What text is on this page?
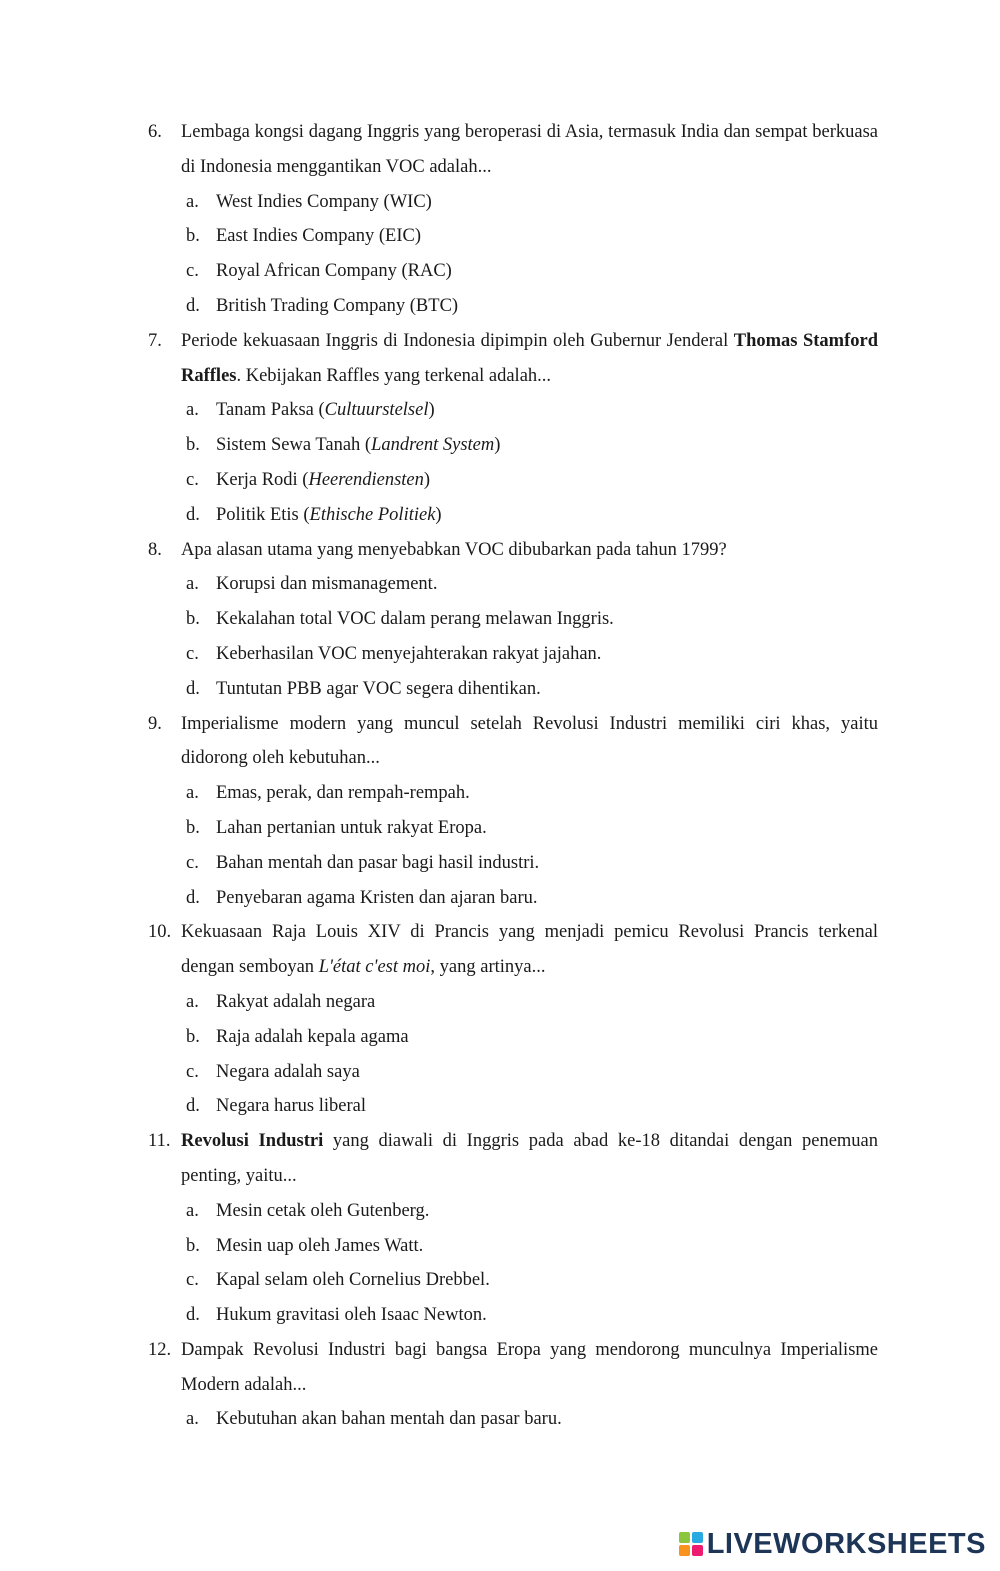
6. Lembaga kongsi dagang Inggris yang beroperasi di Asia, termasuk India dan sempat berkuasa di Indonesia menggantikan VOC adalah...
a. West Indies Company (WIC)
b. East Indies Company (EIC)
c. Royal African Company (RAC)
d. British Trading Company (BTC)
7. Periode kekuasaan Inggris di Indonesia dipimpin oleh Gubernur Jenderal Thomas Stamford Raffles. Kebijakan Raffles yang terkenal adalah...
a. Tanam Paksa (Cultuurstelsel)
b. Sistem Sewa Tanah (Landrent System)
c. Kerja Rodi (Heerendiensten)
d. Politik Etis (Ethische Politiek)
8. Apa alasan utama yang menyebabkan VOC dibubarkan pada tahun 1799?
a. Korupsi dan mismanagement.
b. Kekalahan total VOC dalam perang melawan Inggris.
c. Keberhasilan VOC menyejahterakan rakyat jajahan.
d. Tuntutan PBB agar VOC segera dihentikan.
9. Imperialisme modern yang muncul setelah Revolusi Industri memiliki ciri khas, yaitu didorong oleh kebutuhan...
a. Emas, perak, dan rempah-rempah.
b. Lahan pertanian untuk rakyat Eropa.
c. Bahan mentah dan pasar bagi hasil industri.
d. Penyebaran agama Kristen dan ajaran baru.
10. Kekuasaan Raja Louis XIV di Prancis yang menjadi pemicu Revolusi Prancis terkenal dengan semboyan L'état c'est moi, yang artinya...
a. Rakyat adalah negara
b. Raja adalah kepala agama
c. Negara adalah saya
d. Negara harus liberal
11. Revolusi Industri yang diawali di Inggris pada abad ke-18 ditandai dengan penemuan penting, yaitu...
a. Mesin cetak oleh Gutenberg.
b. Mesin uap oleh James Watt.
c. Kapal selam oleh Cornelius Drebbel.
d. Hukum gravitasi oleh Isaac Newton.
12. Dampak Revolusi Industri bagi bangsa Eropa yang mendorong munculnya Imperialisme Modern adalah...
a. Kebutuhan akan bahan mentah dan pasar baru.
LIVEWORKSHEETS
